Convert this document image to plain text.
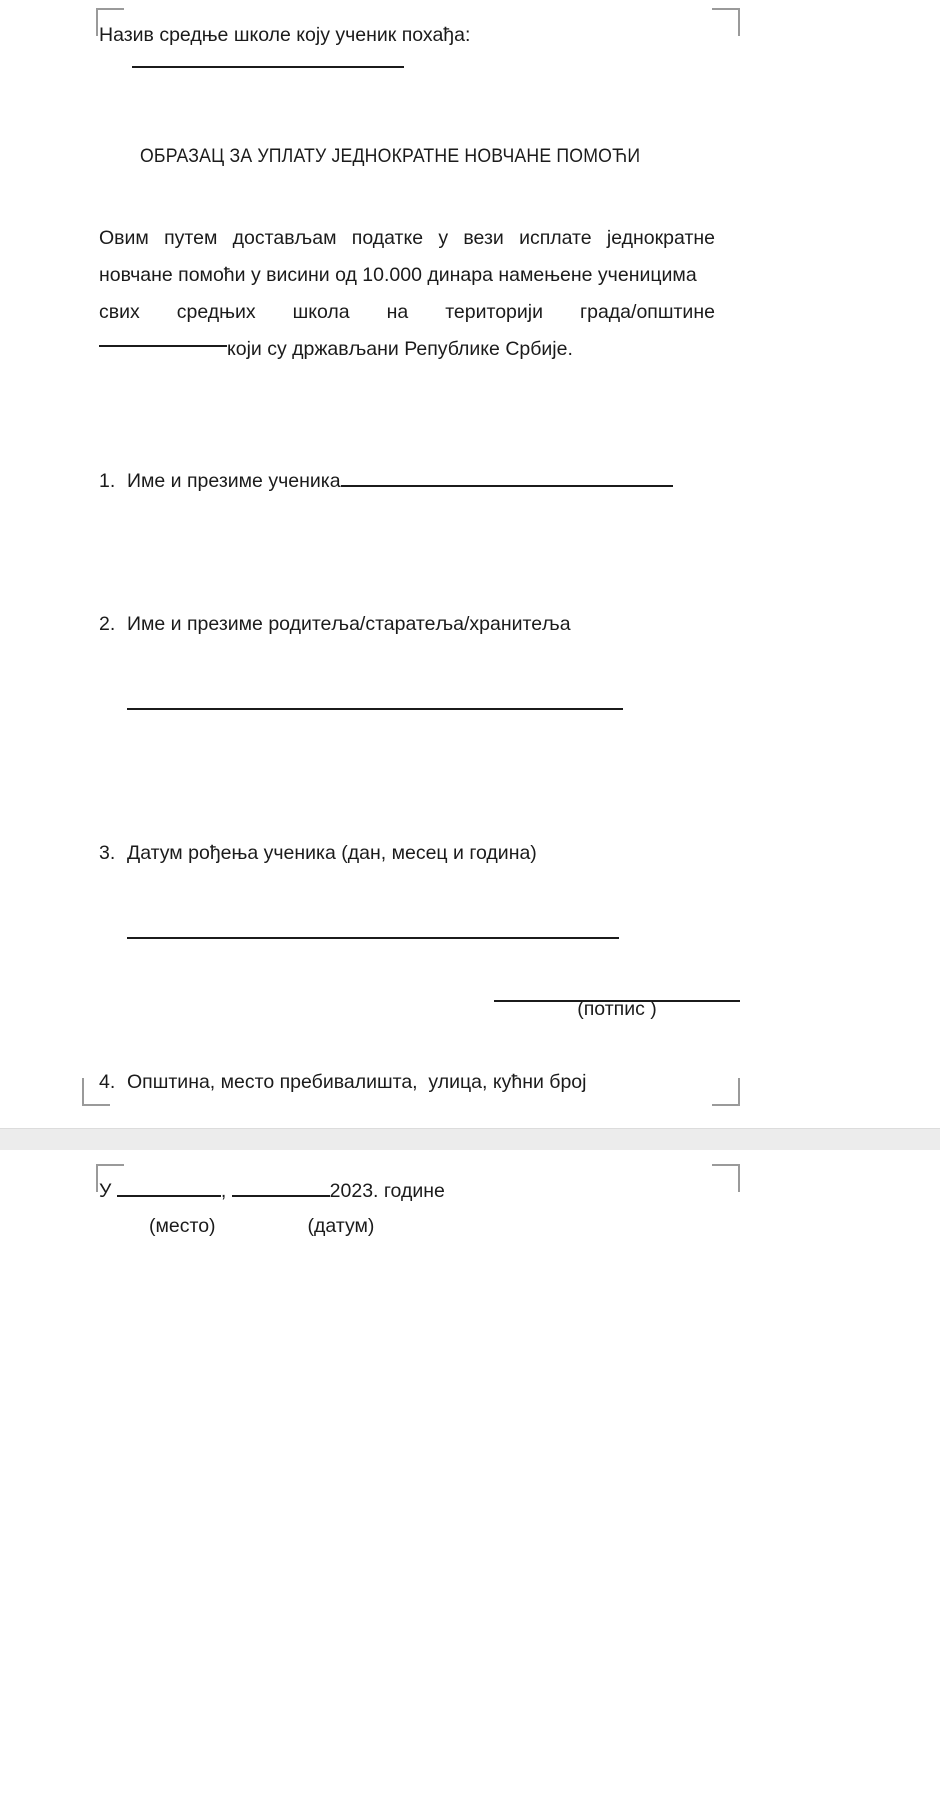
Назив средње школе коју ученик похађа:
ОБРАЗАЦ ЗА УПЛАТУ ЈЕДНОКРАТНЕ НОВЧАНЕ ПОМОЋИ
Овим путем достављам податке у вези исплате једнократне
новчане помоћи у висини од 10.000 динара намењене ученицима
свих средњих школа на територији града/општине
који су држављани Републике Србије.

1. Име и презиме ученика

2. Име и презиме родитеља/старатеља/хранитеља

3. Датум рођења ученика (дан, месец и година)

4. Општина, место пребивалишта,  улица, кућни број

(потпис )
У	,	2023. године
(место)	(датум)
